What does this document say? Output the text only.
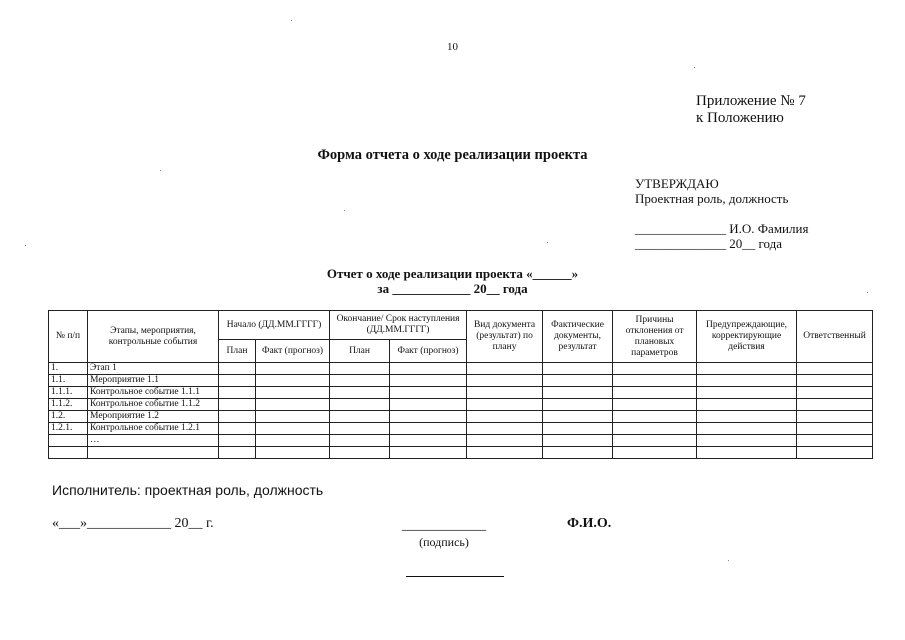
10
Приложение № 7
к Положению
Форма отчета о ходе реализации проекта
УТВЕРЖДАЮ
Проектная роль, должность
______________ И.О. Фамилия
______________ 20__ года
Отчет о ходе реализации проекта «______»
за ____________ 20__ года
№ п/п	Этапы, мероприятия, контрольные события	Начало (ДД.ММ.ГГГГ)		Окончание/ Срок наступления (ДД.ММ.ГГГГ)		Вид документа (результат) по плану	Фактические документы, результат	Причины отклонения от плановых параметров	Предупреждающие, корректирующие действия	Ответственный
		План	Факт (прогноз)	План	Факт (прогноз)					
1.	Этап 1									
1.1.	Мероприятие 1.1									
1.1.1.	Контрольное событие 1.1.1									
1.1.2.	Контрольное событие 1.1.2									
1.2.	Мероприятие 1.2									
1.2.1.	Контрольное событие 1.2.1									
	…									

Исполнитель: проектная роль, должность
«___»____________ 20__ г.	____________
(подпись)
Ф.И.О.
